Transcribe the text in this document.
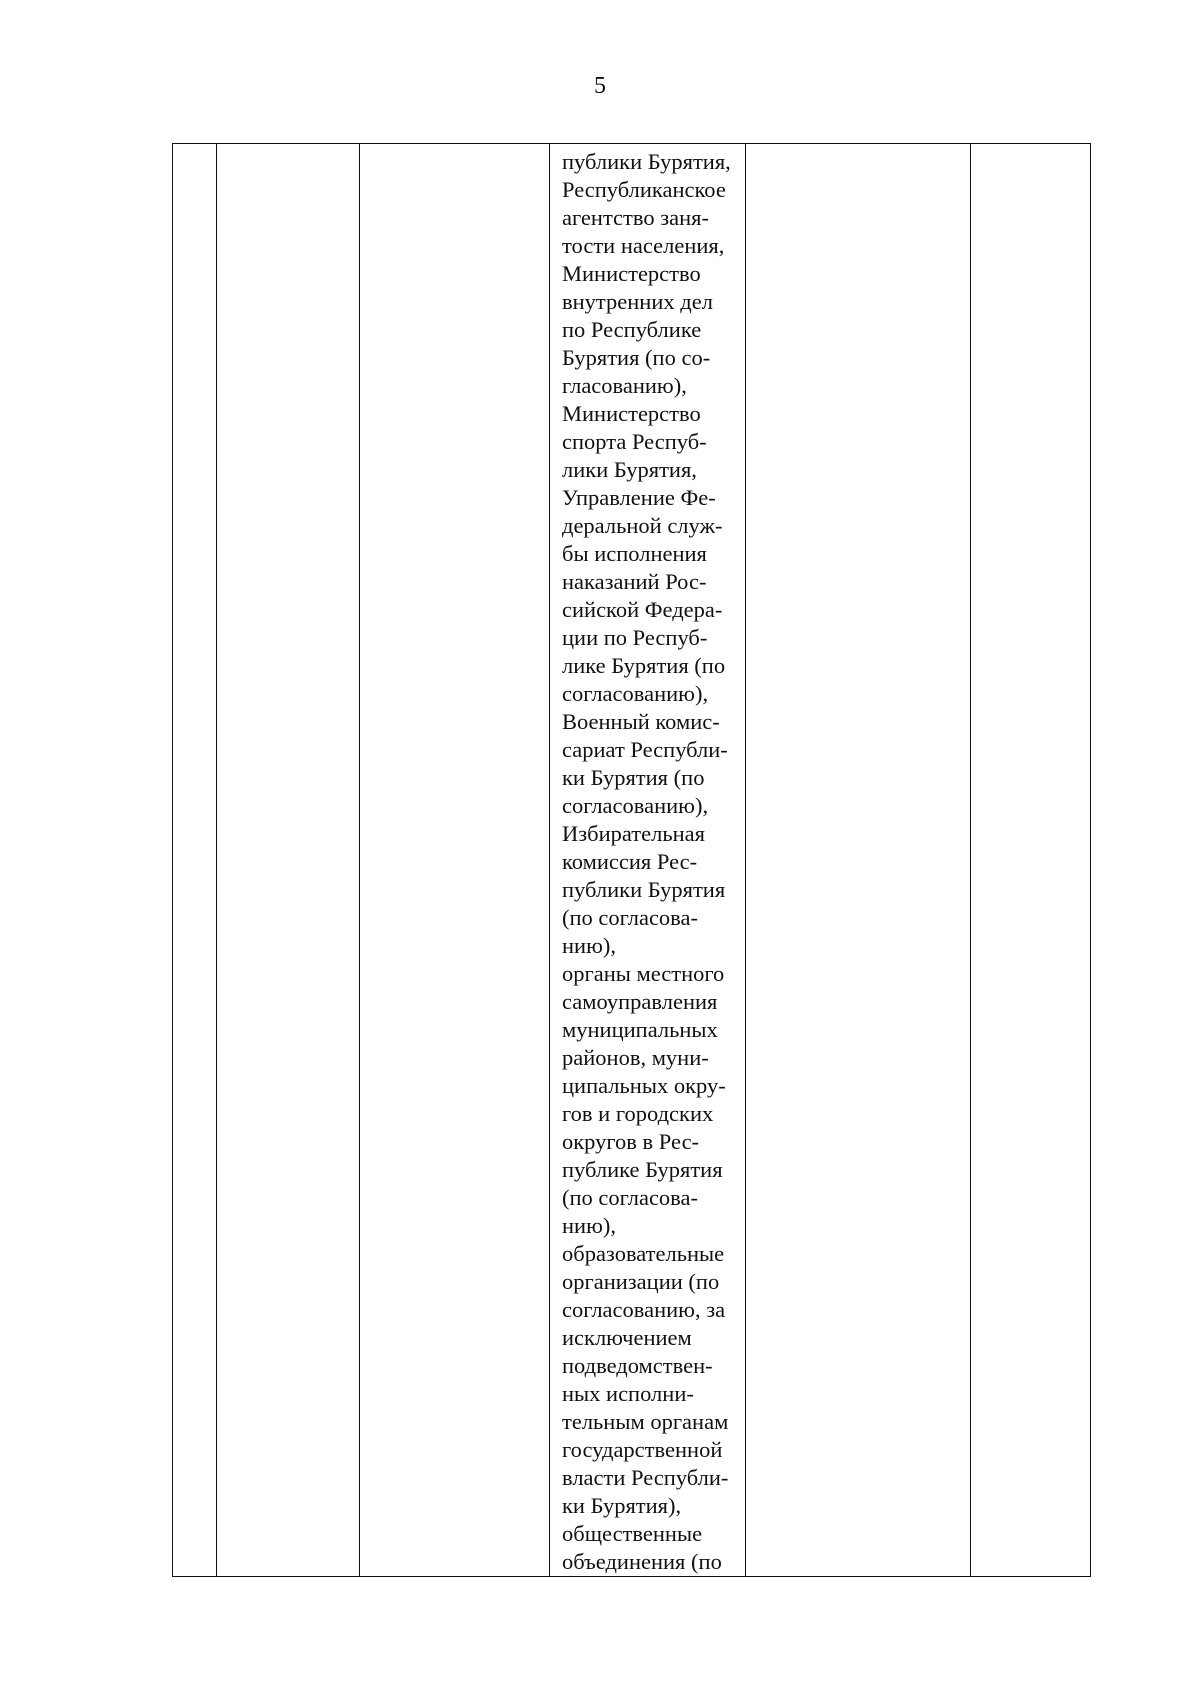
5

публики Бурятия,
Республиканское
агентство заня-
тости населения,
Министерство
внутренних дел
по Республике
Бурятия (по со-
гласованию),
Министерство
спорта Респуб-
лики Бурятия,
Управление Фе-
деральной служ-
бы исполнения
наказаний Рос-
сийской Федера-
ции по Респуб-
лике Бурятия (по
согласованию),
Военный комис-
сариат Республи-
ки Бурятия (по
согласованию),
Избирательная
комиссия Рес-
публики Бурятия
(по согласова-
нию),
органы местного
самоуправления
муниципальных
районов, муни-
ципальных окру-
гов и городских
округов в Рес-
публике Бурятия
(по согласова-
нию),
образовательные
организации (по
согласованию, за
исключением
подведомствен-
ных исполни-
тельным органам
государственной
власти Республи-
ки Бурятия),
общественные
объединения (по
